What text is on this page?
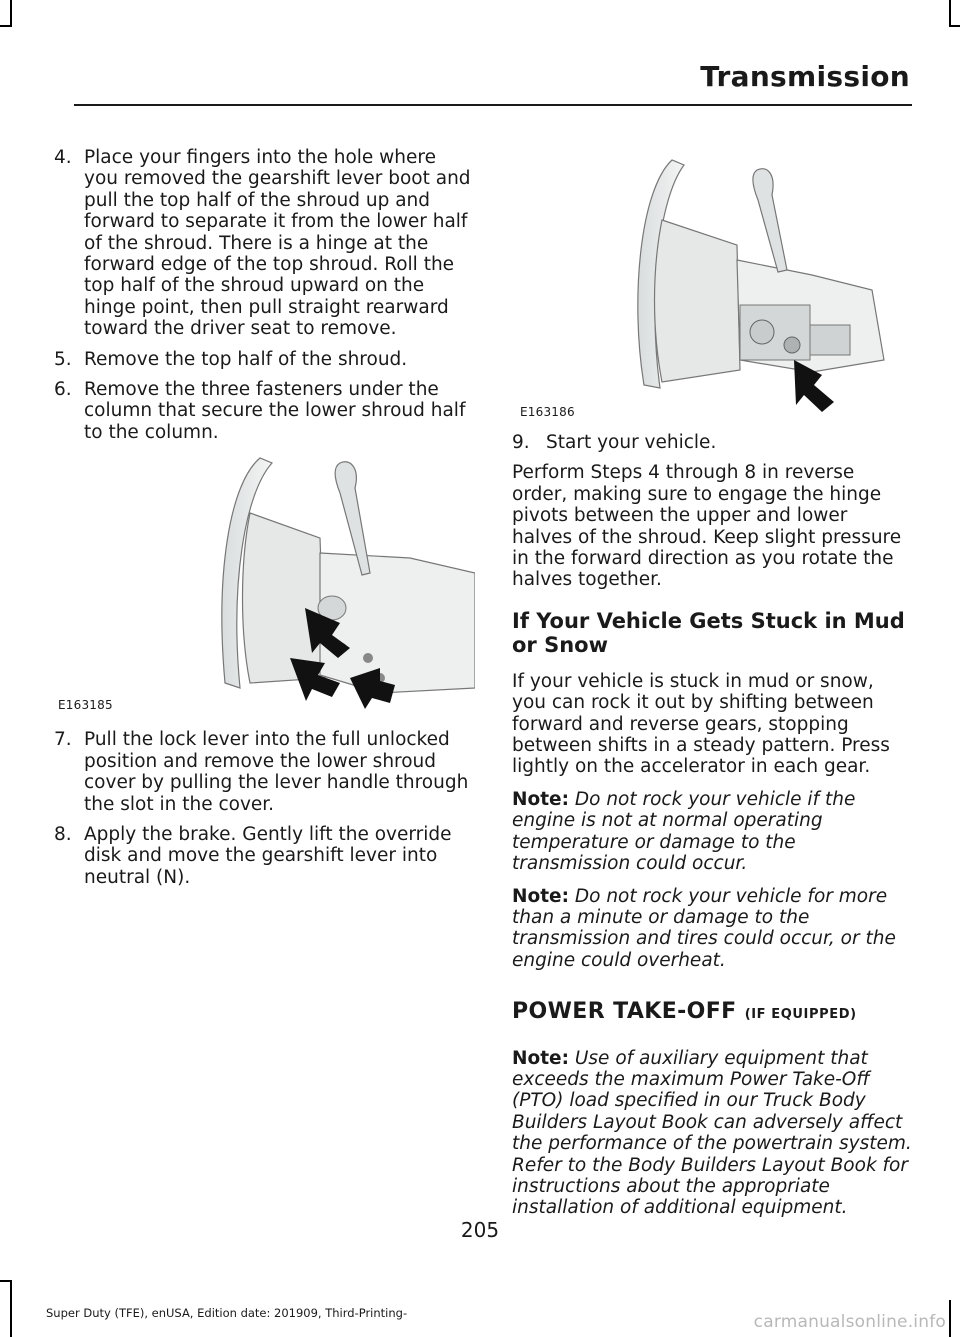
Transmission
4. Place your fingers into the hole where you removed the gearshift lever boot and pull the top half of the shroud up and forward to separate it from the lower half of the shroud. There is a hinge at the forward edge of the top shroud. Roll the top half of the shroud upward on the hinge point, then pull straight rearward toward the driver seat to remove.
5. Remove the top half of the shroud.
6. Remove the three fasteners under the column that secure the lower shroud half to the column.
E163185
7. Pull the lock lever into the full unlocked position and remove the lower shroud cover by pulling the lever handle through the slot in the cover.
8. Apply the brake. Gently lift the override disk and move the gearshift lever into neutral (N).
E163186
9. Start your vehicle.

Perform Steps 4 through 8 in reverse order, making sure to engage the hinge pivots between the upper and lower halves of the shroud. Keep slight pressure in the forward direction as you rotate the halves together.

If Your Vehicle Gets Stuck in Mud or Snow

If your vehicle is stuck in mud or snow, you can rock it out by shifting between forward and reverse gears, stopping between shifts in a steady pattern. Press lightly on the accelerator in each gear.

Note: Do not rock your vehicle if the engine is not at normal operating temperature or damage to the transmission could occur.

Note: Do not rock your vehicle for more than a minute or damage to the transmission and tires could occur, or the engine could overheat.

POWER TAKE-OFF (IF EQUIPPED)

Note: Use of auxiliary equipment that exceeds the maximum Power Take-Off (PTO) load specified in our Truck Body Builders Layout Book can adversely affect the performance of the powertrain system. Refer to the Body Builders Layout Book for instructions about the appropriate installation of additional equipment.

205
Super Duty (TFE), enUSA, Edition date: 201909, Third-Printing-	carmanualsonline.info
